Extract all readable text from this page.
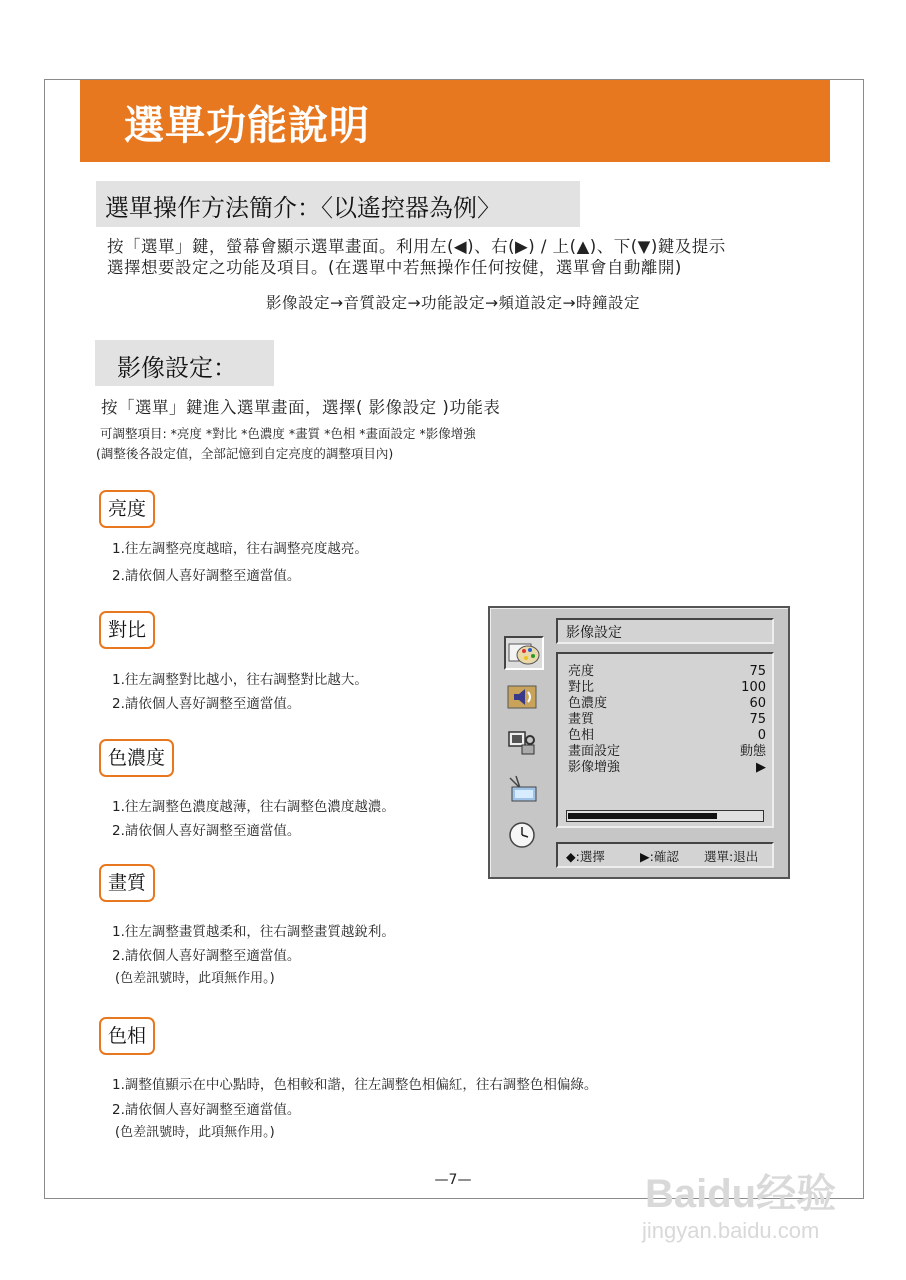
選單功能說明
選單操作方法簡介：〈以遙控器為例〉
按「選單」鍵，螢幕會顯示選單畫面。利用左(◀)、右(▶) / 上(▲)、下(▼)鍵及提示
選擇想要設定之功能及項目。(在選單中若無操作任何按健，選單會自動離開)
影像設定→音質設定→功能設定→頻道設定→時鐘設定
影像設定：
按「選單」鍵進入選單畫面，選擇( 影像設定 )功能表
可調整項目: *亮度 *對比 *色濃度 *畫質 *色相 *畫面設定 *影像增強
(調整後各設定值，全部記憶到自定亮度的調整項目內)
亮度
1.往左調整亮度越暗，往右調整亮度越亮。
2.請依個人喜好調整至適當值。
對比
1.往左調整對比越小，往右調整對比越大。
2.請依個人喜好調整至適當值。
色濃度
1.往左調整色濃度越薄，往右調整色濃度越濃。
2.請依個人喜好調整至適當值。
畫質
1.往左調整畫質越柔和，往右調整畫質越銳利。
2.請依個人喜好調整至適當值。
(色差訊號時，此項無作用。)
色相
1.調整值顯示在中心點時，色相較和諧，往左調整色相偏紅，往右調整色相偏綠。
2.請依個人喜好調整至適當值。
(色差訊號時，此項無作用。)
影像設定
亮度	75
對比	100
色濃度	60
畫質	75
色相	0
畫面設定	動態
影像增強	▶
◆:選擇	▶:確認 選單:退出
—7—	Baidu经验
jingyan.baidu.com
